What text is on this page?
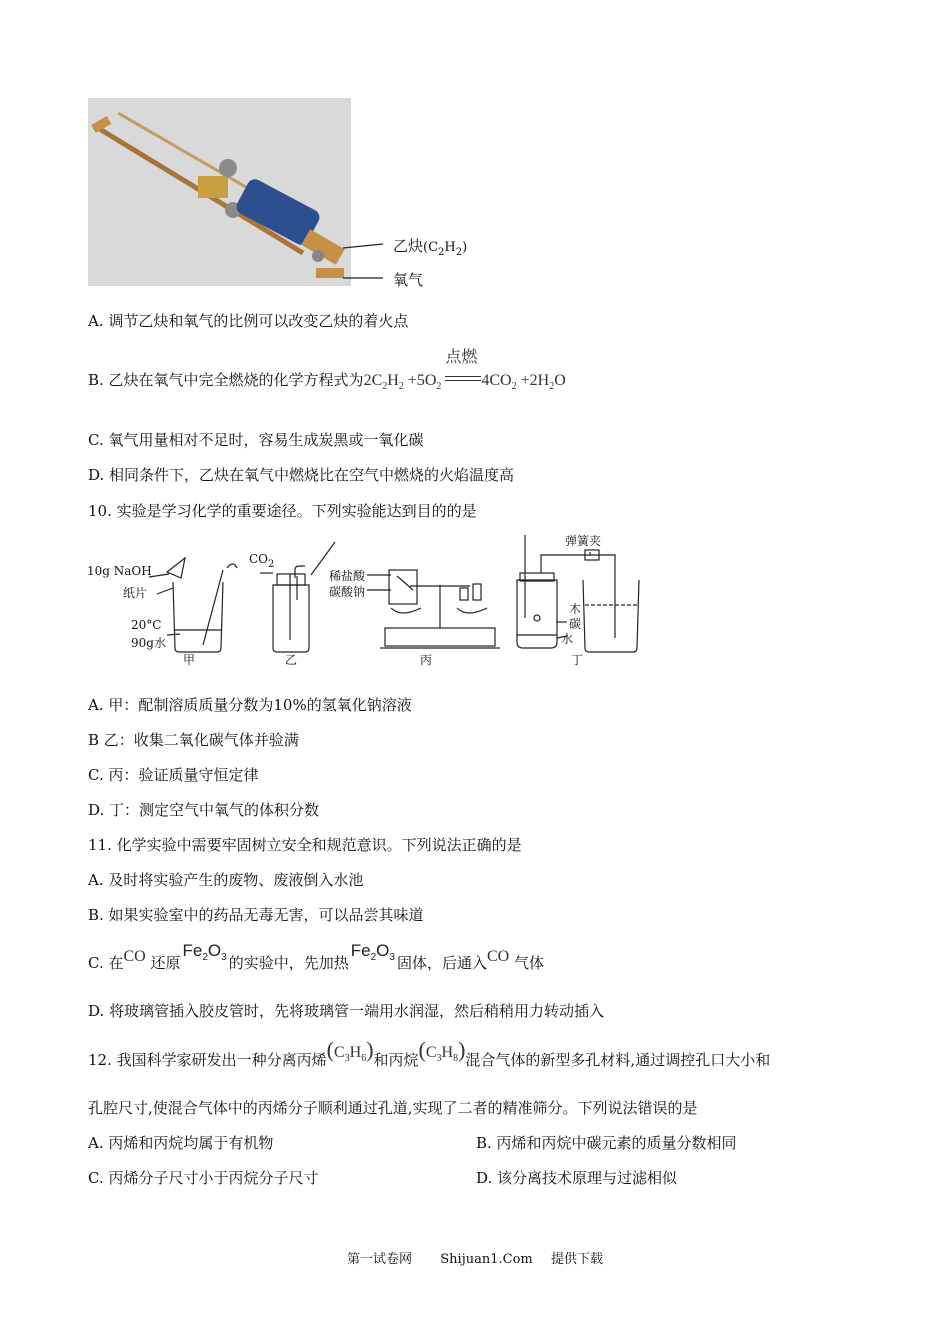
乙炔$(C_2H_2)$
氧气
A. 调节乙炔和氧气的比例可以改变乙炔的着火点
B. 乙炔在氧气中完全燃烧的化学方程式为$2C_2H_2 +5O_2$
点燃
$4CO_2 +2H_2O$
C. 氧气用量相对不足时，容易生成炭黑或一氧化碳
D. 相同条件下，乙炔在氧气中燃烧比在空气中燃烧的火焰温度高
10. 实验是学习化学的重要途径。下列实验能达到目的的是
10g NaOH
纸片
20°C
90g水
甲
$CO_2$
乙
稀盐酸
碳酸钠
丙
弹簧夹
木
碳
水
丁
A. 甲：配制溶质质量分数为10%的氢氧化钠溶液
B 乙：收集二氧化碳气体并验满
C. 丙：验证质量守恒定律
D. 丁：测定空气中氧气的体积分数
11. 化学实验中需要牢固树立安全和规范意识。下列说法正确的是
A. 及时将实验产生的废物、废液倒入水池
B. 如果实验室中的药品无毒无害，可以品尝其味道
C. 在CO 还原$Fe_2O_3$ 的实验中，先加热$Fe_2O_3$ 固体，后通入CO 气体
D. 将玻璃管插入胶皮管时，先将玻璃管一端用水润湿，然后稍稍用力转动插入
12. 我国科学家研发出一种分离丙烯$(C_3H_6)$和丙烷$(C_3H_8)$混合气体的新型多孔材料,通过调控孔口大小和
孔腔尺寸,使混合气体中的丙烯分子顺利通过孔道,实现了二者的精准筛分。下列说法错误的是
A. 丙烯和丙烷均属于有机物	B. 丙烯和丙烷中碳元素的质量分数相同
C. 丙烯分子尺寸小于丙烷分子尺寸	D. 该分离技术原理与过滤相似
第一试卷网 Shijuan1.Com 提供下载
